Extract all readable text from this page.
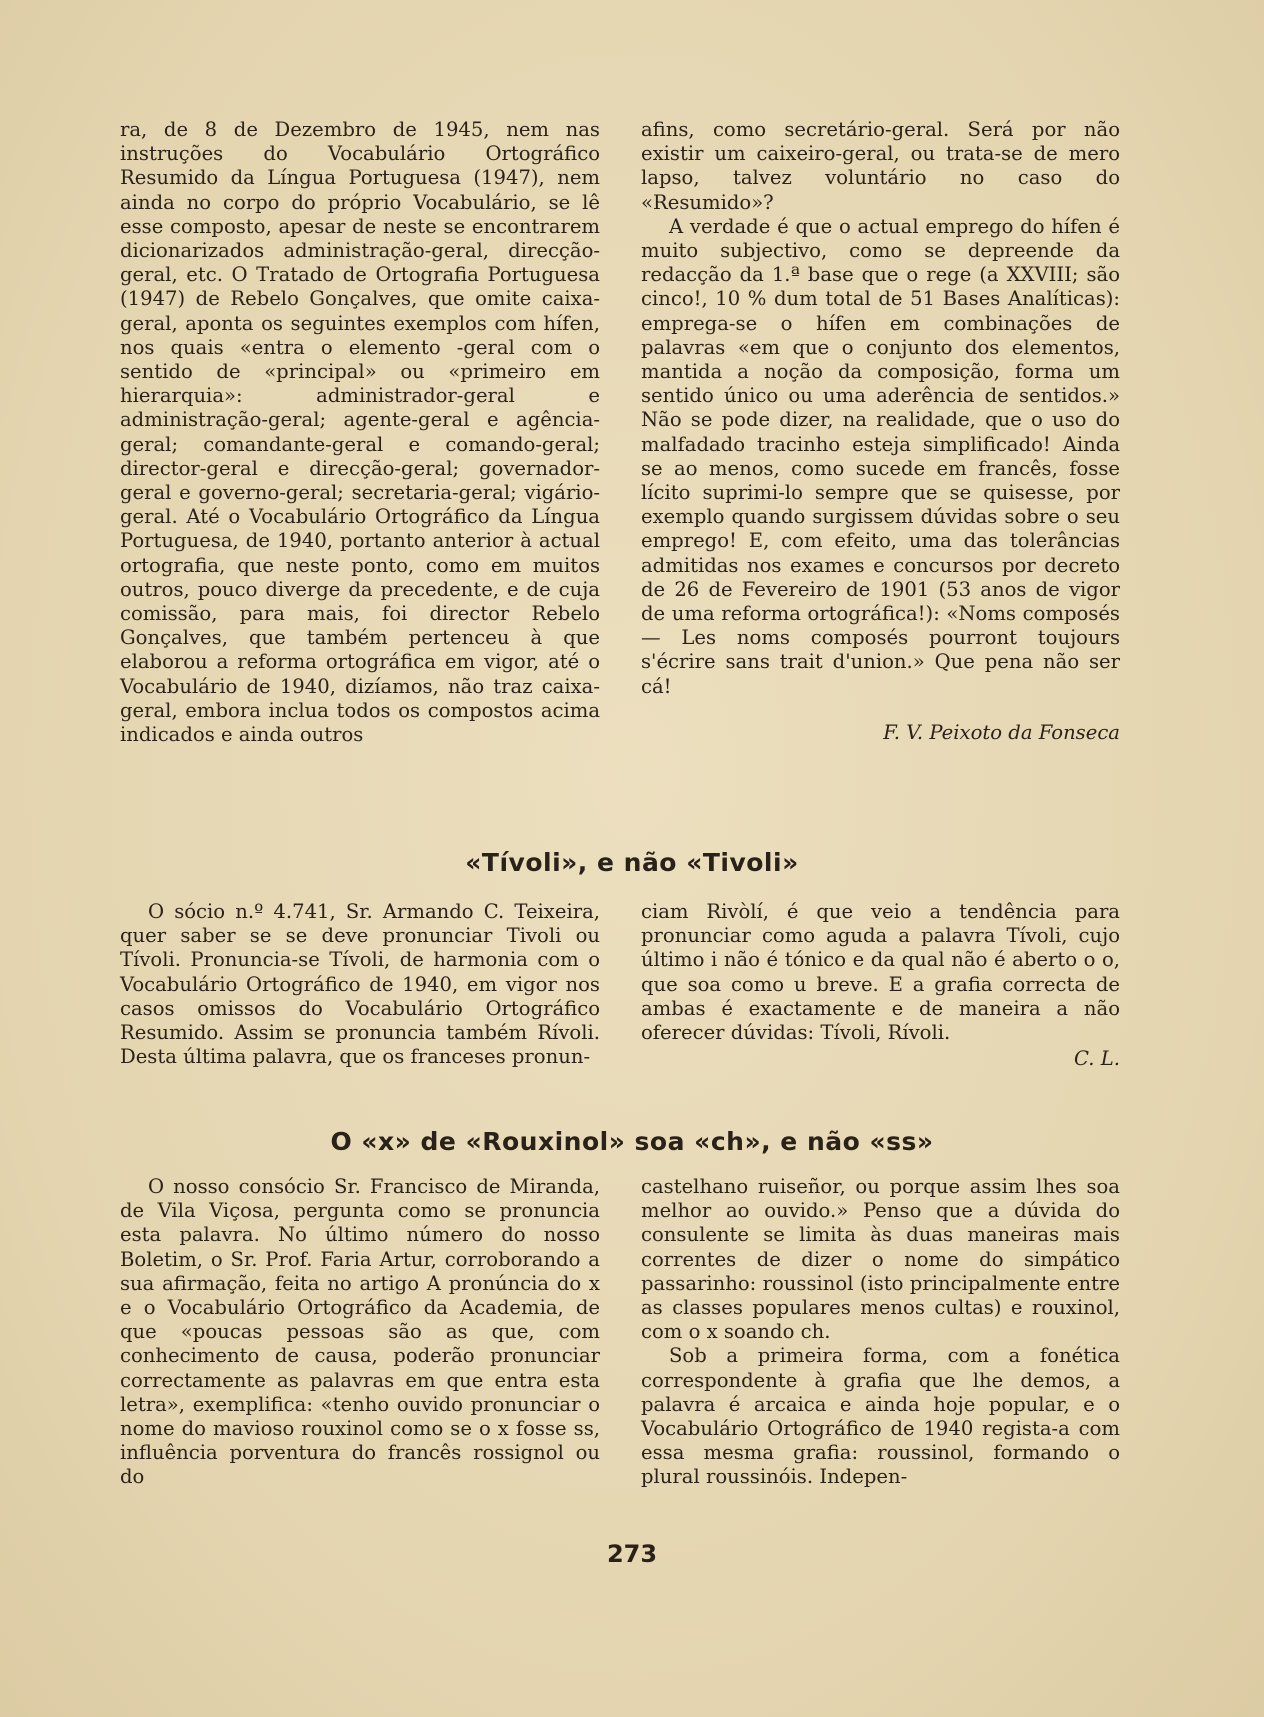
ra, de 8 de Dezembro de 1945, nem nas instruções do Vocabulário Ortográfico Resumido da Língua Portuguesa (1947), nem ainda no corpo do próprio Vocabulário, se lê esse composto, apesar de neste se encontrarem dicionarizados administração-geral, direcção-geral, etc. O Tratado de Ortografia Portuguesa (1947) de Rebelo Gonçalves, que omite caixa-geral, aponta os seguintes exemplos com hífen, nos quais «entra o elemento -geral com o sentido de «principal» ou «primeiro em hierarquia»: administrador-geral e administração-geral; agente-geral e agência-geral; comandante-geral e comando-geral; director-geral e direcção-geral; governador-geral e governo-geral; secretaria-geral; vigário-geral. Até o Vocabulário Ortográfico da Língua Portuguesa, de 1940, portanto anterior à actual ortografia, que neste ponto, como em muitos outros, pouco diverge da precedente, e de cuja comissão, para mais, foi director Rebelo Gonçalves, que também pertenceu à que elaborou a reforma ortográfica em vigor, até o Vocabulário de 1940, dizíamos, não traz caixa-geral, embora inclua todos os compostos acima indicados e ainda outros

afins, como secretário-geral. Será por não existir um caixeiro-geral, ou trata-se de mero lapso, talvez voluntário no caso do «Resumido»?

A verdade é que o actual emprego do hífen é muito subjectivo, como se depreende da redacção da 1.ª base que o rege (a XXVIII; são cinco!, 10 % dum total de 51 Bases Analíticas): emprega-se o hífen em combinações de palavras «em que o conjunto dos elementos, mantida a noção da composição, forma um sentido único ou uma aderência de sentidos.» Não se pode dizer, na realidade, que o uso do malfadado tracinho esteja simplificado! Ainda se ao menos, como sucede em francês, fosse lícito suprimi-lo sempre que se quisesse, por exemplo quando surgissem dúvidas sobre o seu emprego! E, com efeito, uma das tolerâncias admitidas nos exames e concursos por decreto de 26 de Fevereiro de 1901 (53 anos de vigor de uma reforma ortográfica!): «Noms composés — Les noms composés pourront toujours s'écrire sans trait d'union.» Que pena não ser cá!

F. V. Peixoto da Fonseca

«Tívoli», e não «Tivoli»

O sócio n.º 4.741, Sr. Armando C. Teixeira, quer saber se se deve pronunciar Tivoli ou Tívoli. Pronuncia-se Tívoli, de harmonia com o Vocabulário Ortográfico de 1940, em vigor nos casos omissos do Vocabulário Ortográfico Resumido. Assim se pronuncia também Rívoli. Desta última palavra, que os franceses pronun-

ciam Rivòlí, é que veio a tendência para pronunciar como aguda a palavra Tívoli, cujo último i não é tónico e da qual não é aberto o o, que soa como u breve. E a grafia correcta de ambas é exactamente e de maneira a não oferecer dúvidas: Tívoli, Rívoli.

C. L.

O «x» de «Rouxinol» soa «ch», e não «ss»

O nosso consócio Sr. Francisco de Miranda, de Vila Viçosa, pergunta como se pronuncia esta palavra. No último número do nosso Boletim, o Sr. Prof. Faria Artur, corroborando a sua afirmação, feita no artigo A pronúncia do x e o Vocabulário Ortográfico da Academia, de que «poucas pessoas são as que, com conhecimento de causa, poderão pronunciar correctamente as palavras em que entra esta letra», exemplifica: «tenho ouvido pronunciar o nome do mavioso rouxinol como se o x fosse ss, influência porventura do francês rossignol ou do

castelhano ruiseñor, ou porque assim lhes soa melhor ao ouvido.» Penso que a dúvida do consulente se limita às duas maneiras mais correntes de dizer o nome do simpático passarinho: roussinol (isto principalmente entre as classes populares menos cultas) e rouxinol, com o x soando ch.

Sob a primeira forma, com a fonética correspondente à grafia que lhe demos, a palavra é arcaica e ainda hoje popular, e o Vocabulário Ortográfico de 1940 regista-a com essa mesma grafia: roussinol, formando o plural roussinóis. Indepen-

273
